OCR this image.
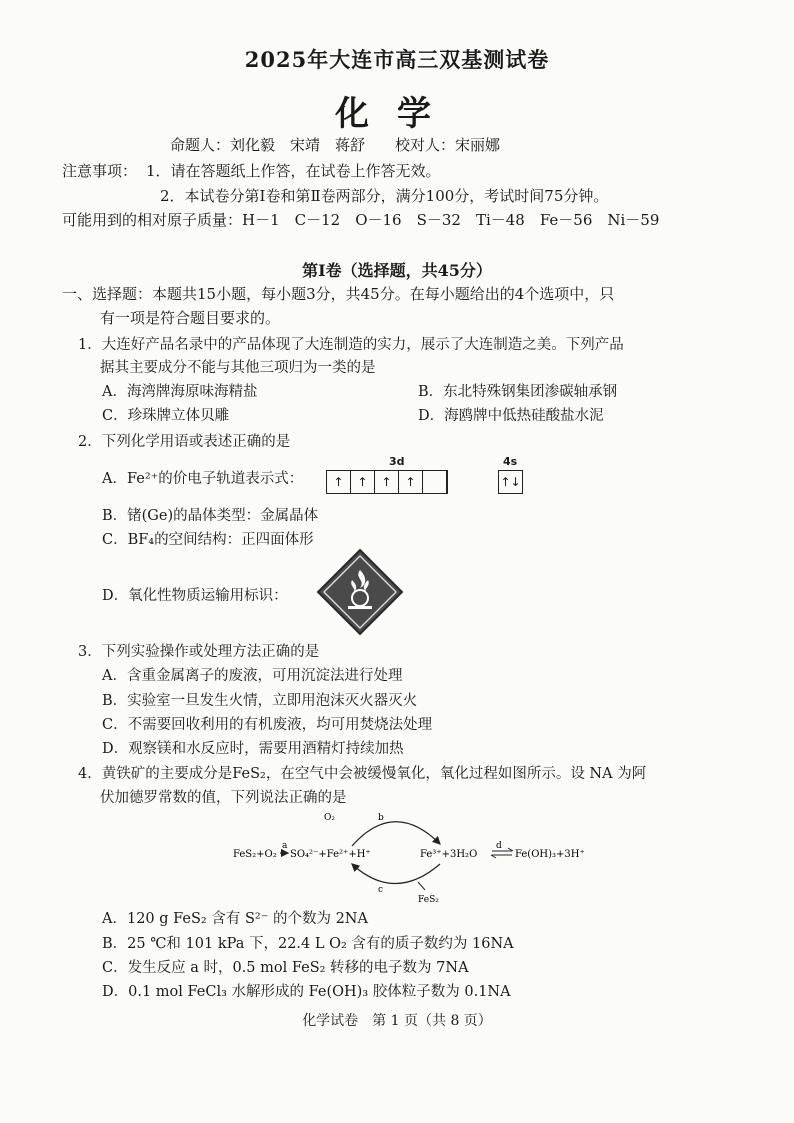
2025年大连市高三双基测试卷
化学
命题人：刘化毅　宋靖　蒋舒　　校对人：宋丽娜
注意事项： 1．请在答题纸上作答，在试卷上作答无效。
2．本试卷分第Ⅰ卷和第Ⅱ卷两部分，满分100分，考试时间75分钟。
可能用到的相对原子质量：H－1　C－12　O－16　S－32　Ti－48　Fe－56　Ni－59
第Ⅰ卷（选择题，共45分）
一、选择题：本题共15小题，每小题3分，共45分。在每小题给出的4个选项中，只
有一项是符合题目要求的。
1．大连好产品名录中的产品体现了大连制造的实力，展示了大连制造之美。下列产品
据其主要成分不能与其他三项归为一类的是
A．海湾牌海原味海精盐	B．东北特殊钢集团渗碳轴承钢
C．珍珠牌立体贝雕	D．海鸥牌中低热硅酸盐水泥
2．下列化学用语或表述正确的是
A．Fe²⁺的价电子轨道表示式：
3d	4s
↑	↑	↑	↑	↑↓
B．锗(Ge)的晶体类型：金属晶体
C．BF₄的空间结构：正四面体形
D．氧化性物质运输用标识：
3．下列实验操作或处理方法正确的是
A．含重金属离子的废液，可用沉淀法进行处理
B．实验室一旦发生火情，立即用泡沫灭火器灭火
C．不需要回收利用的有机废液，均可用焚烧法处理
D．观察镁和水反应时，需要用酒精灯持续加热
4．黄铁矿的主要成分是FeS₂，在空气中会被缓慢氧化，氧化过程如图所示。设 NA 为阿
伏加德罗常数的值，下列说法正确的是
FeS₂+O₂
a
SO₄²⁻+Fe²⁺+H⁺
O₂	b
c
Fe³⁺+3H₂O
d
Fe(OH)₃+3H⁺
FeS₂
A．120 g FeS₂ 含有 S²⁻ 的个数为 2NA
B．25 ℃和 101 kPa 下，22.4 L O₂ 含有的质子数约为 16NA
C．发生反应 a 时，0.5 mol FeS₂ 转移的电子数为 7NA
D．0.1 mol FeCl₃ 水解形成的 Fe(OH)₃ 胶体粒子数为 0.1NA
化学试卷　第 1 页（共 8 页）
